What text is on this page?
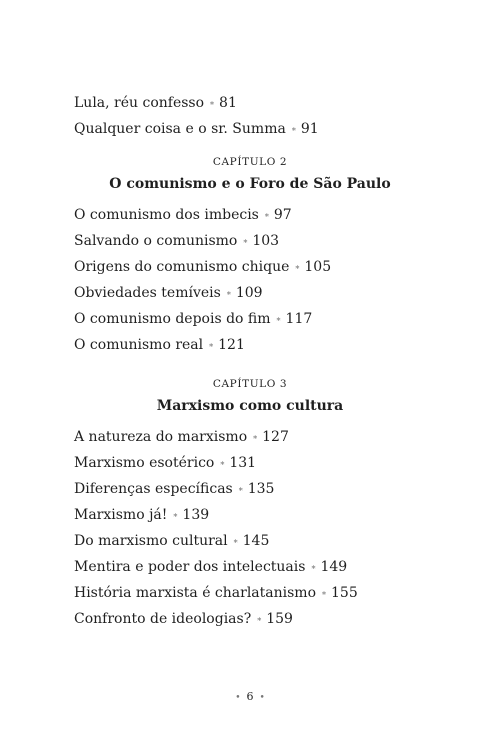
Lula, réu confesso ⁎ 81
Qualquer coisa e o sr. Summa ⁎ 91
CAPÍTULO 2
O comunismo e o Foro de São Paulo
O comunismo dos imbecis ⁎ 97
Salvando o comunismo ⁎ 103
Origens do comunismo chique ⁎ 105
Obviedades temíveis ⁎ 109
O comunismo depois do fim ⁎ 117
O comunismo real ⁎ 121
CAPÍTULO 3
Marxismo como cultura
A natureza do marxismo ⁎ 127
Marxismo esotérico ⁎ 131
Diferenças específicas ⁎ 135
Marxismo já! ⁎ 139
Do marxismo cultural ⁎ 145
Mentira e poder dos intelectuais ⁎ 149
História marxista é charlatanismo ⁎ 155
Confronto de ideologias? ⁎ 159
• 6 •
